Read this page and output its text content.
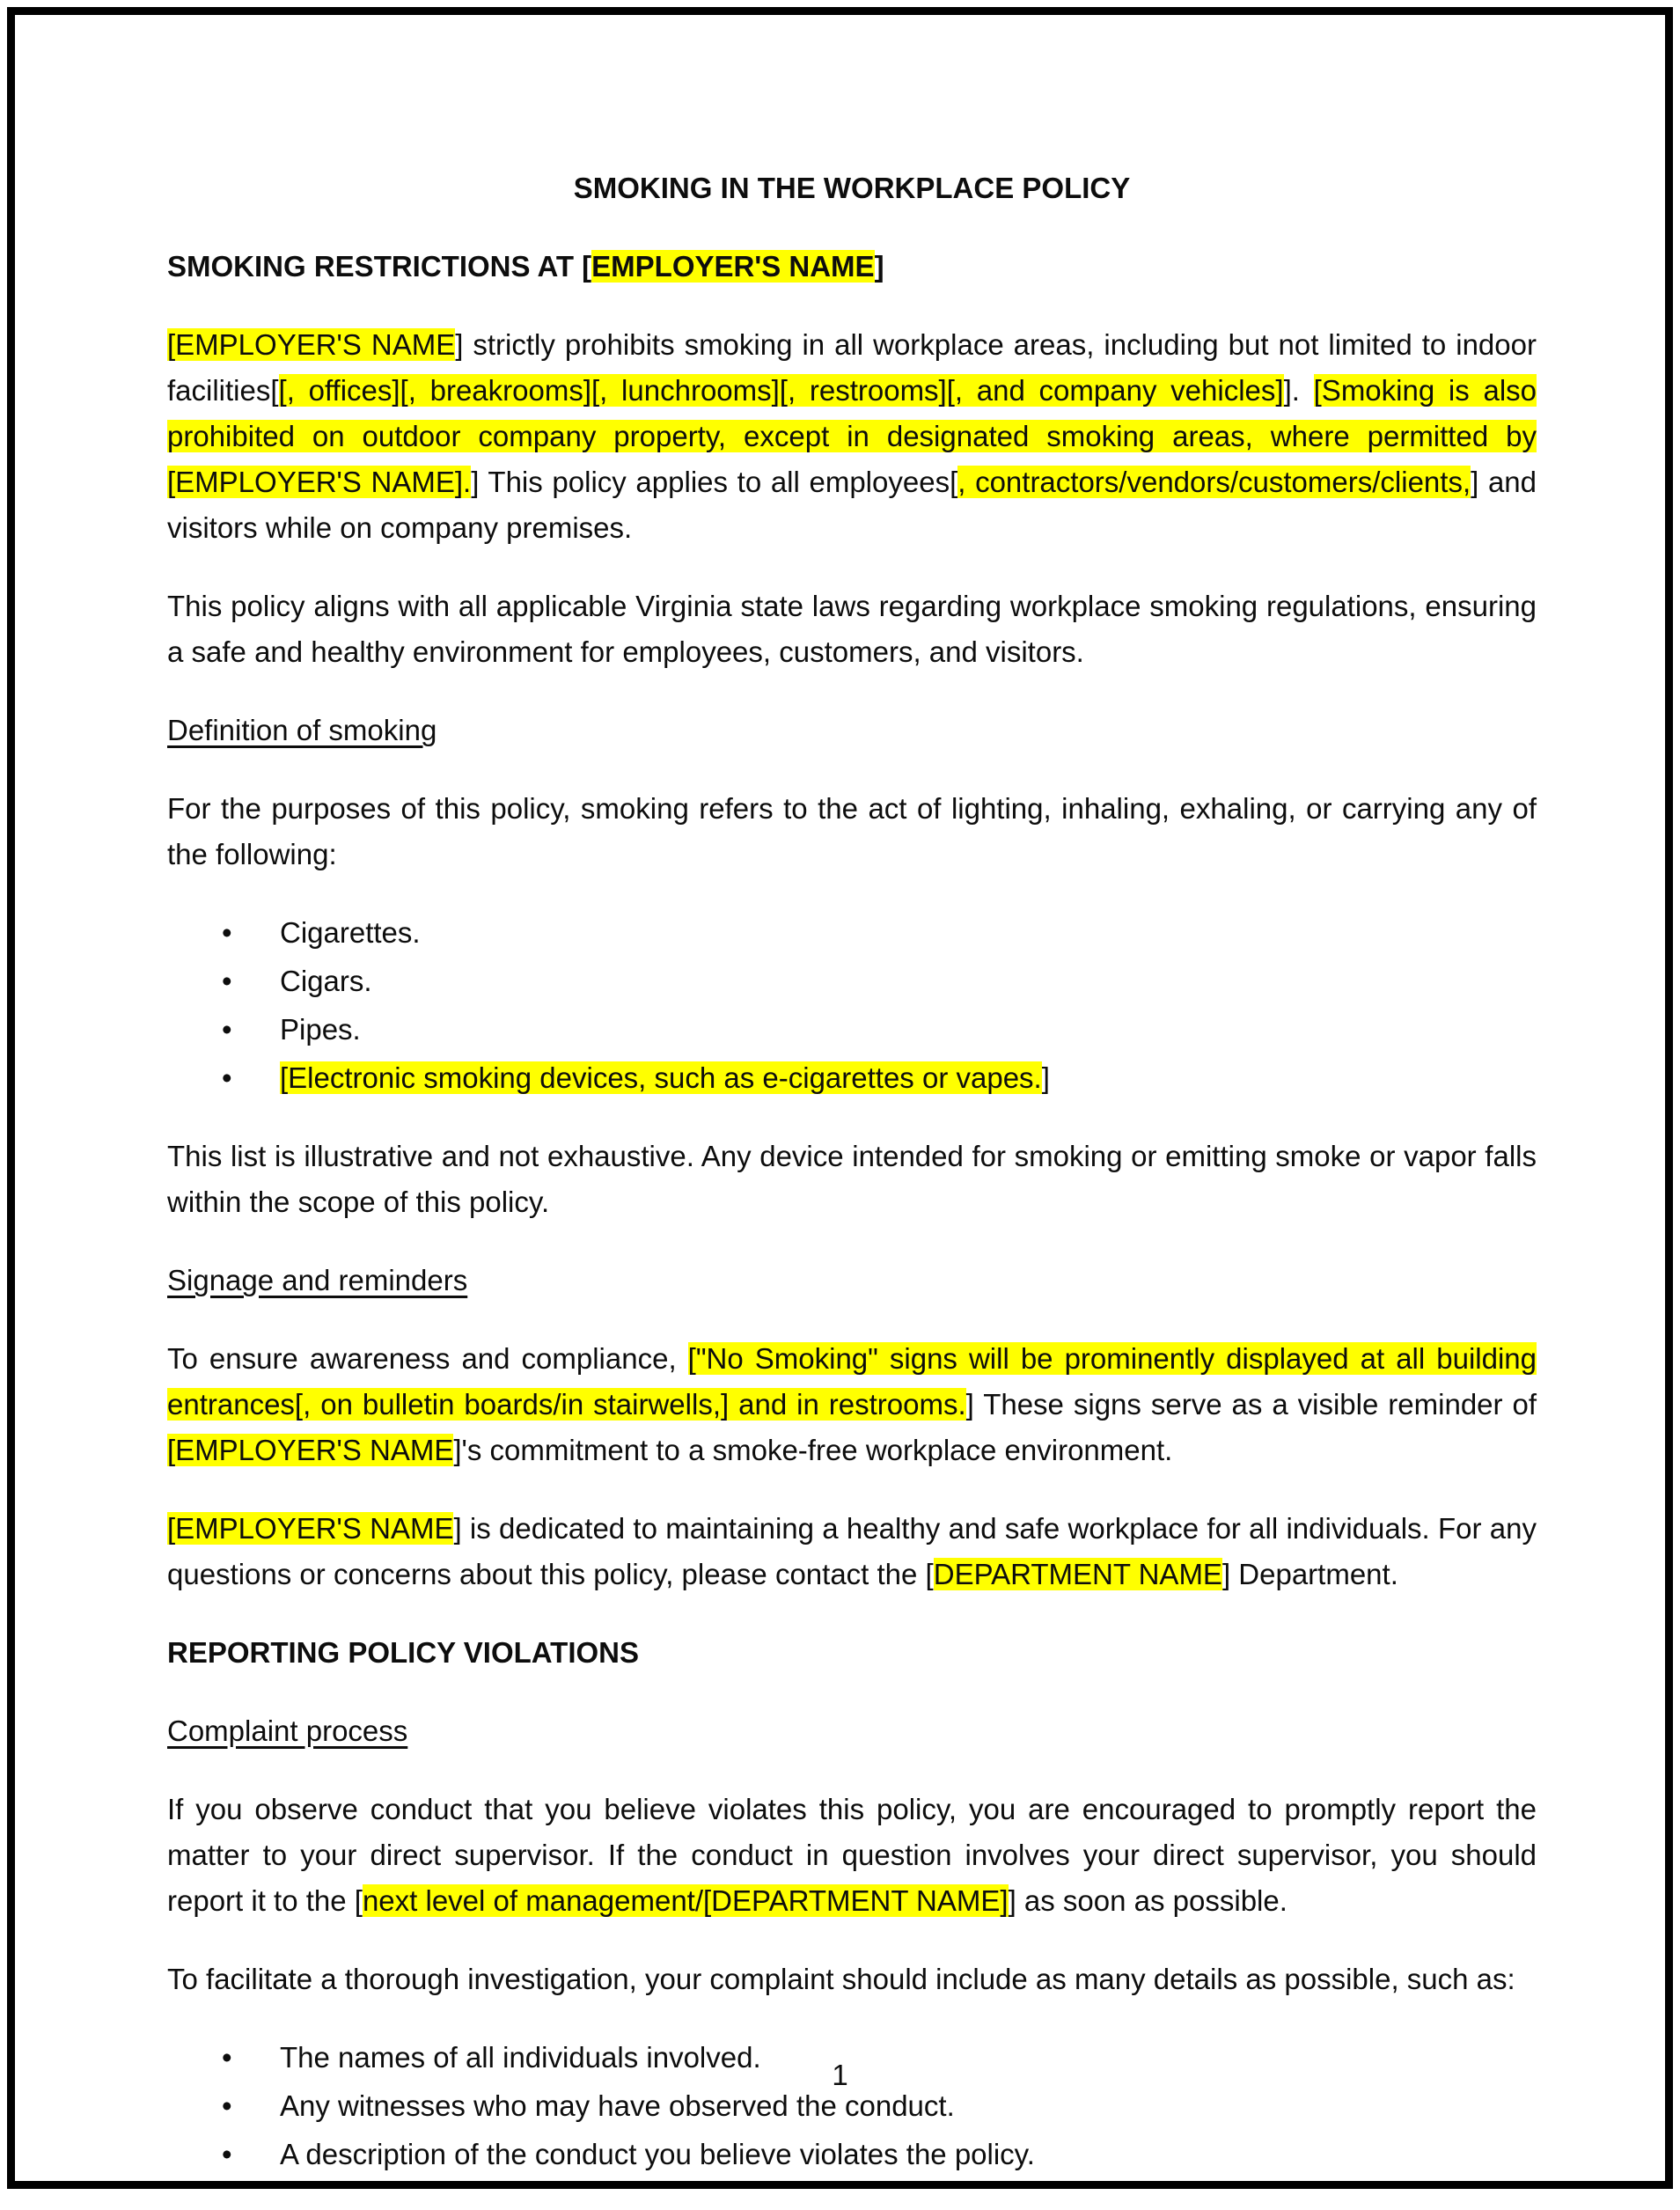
SMOKING IN THE WORKPLACE POLICY
SMOKING RESTRICTIONS AT [EMPLOYER'S NAME]
[EMPLOYER'S NAME] strictly prohibits smoking in all workplace areas, including but not limited to indoor facilities[[, offices][, breakrooms][, lunchrooms][, restrooms][, and company vehicles]]. [Smoking is also prohibited on outdoor company property, except in designated smoking areas, where permitted by [EMPLOYER'S NAME].] This policy applies to all employees[, contractors/vendors/customers/clients,] and visitors while on company premises.
This policy aligns with all applicable Virginia state laws regarding workplace smoking regulations, ensuring a safe and healthy environment for employees, customers, and visitors.
Definition of smoking
For the purposes of this policy, smoking refers to the act of lighting, inhaling, exhaling, or carrying any of the following:
• Cigarettes.
• Cigars.
• Pipes.
• [Electronic smoking devices, such as e-cigarettes or vapes.]
This list is illustrative and not exhaustive. Any device intended for smoking or emitting smoke or vapor falls within the scope of this policy.
Signage and reminders
To ensure awareness and compliance, ["No Smoking" signs will be prominently displayed at all building entrances[, on bulletin boards/in stairwells,] and in restrooms.] These signs serve as a visible reminder of [EMPLOYER'S NAME]'s commitment to a smoke-free workplace environment.
[EMPLOYER'S NAME] is dedicated to maintaining a healthy and safe workplace for all individuals. For any questions or concerns about this policy, please contact the [DEPARTMENT NAME] Department.
REPORTING POLICY VIOLATIONS
Complaint process
If you observe conduct that you believe violates this policy, you are encouraged to promptly report the matter to your direct supervisor. If the conduct in question involves your direct supervisor, you should report it to the [next level of management/[DEPARTMENT NAME]] as soon as possible.
To facilitate a thorough investigation, your complaint should include as many details as possible, such as:
• The names of all individuals involved.
• Any witnesses who may have observed the conduct.
• A description of the conduct you believe violates the policy.
1
